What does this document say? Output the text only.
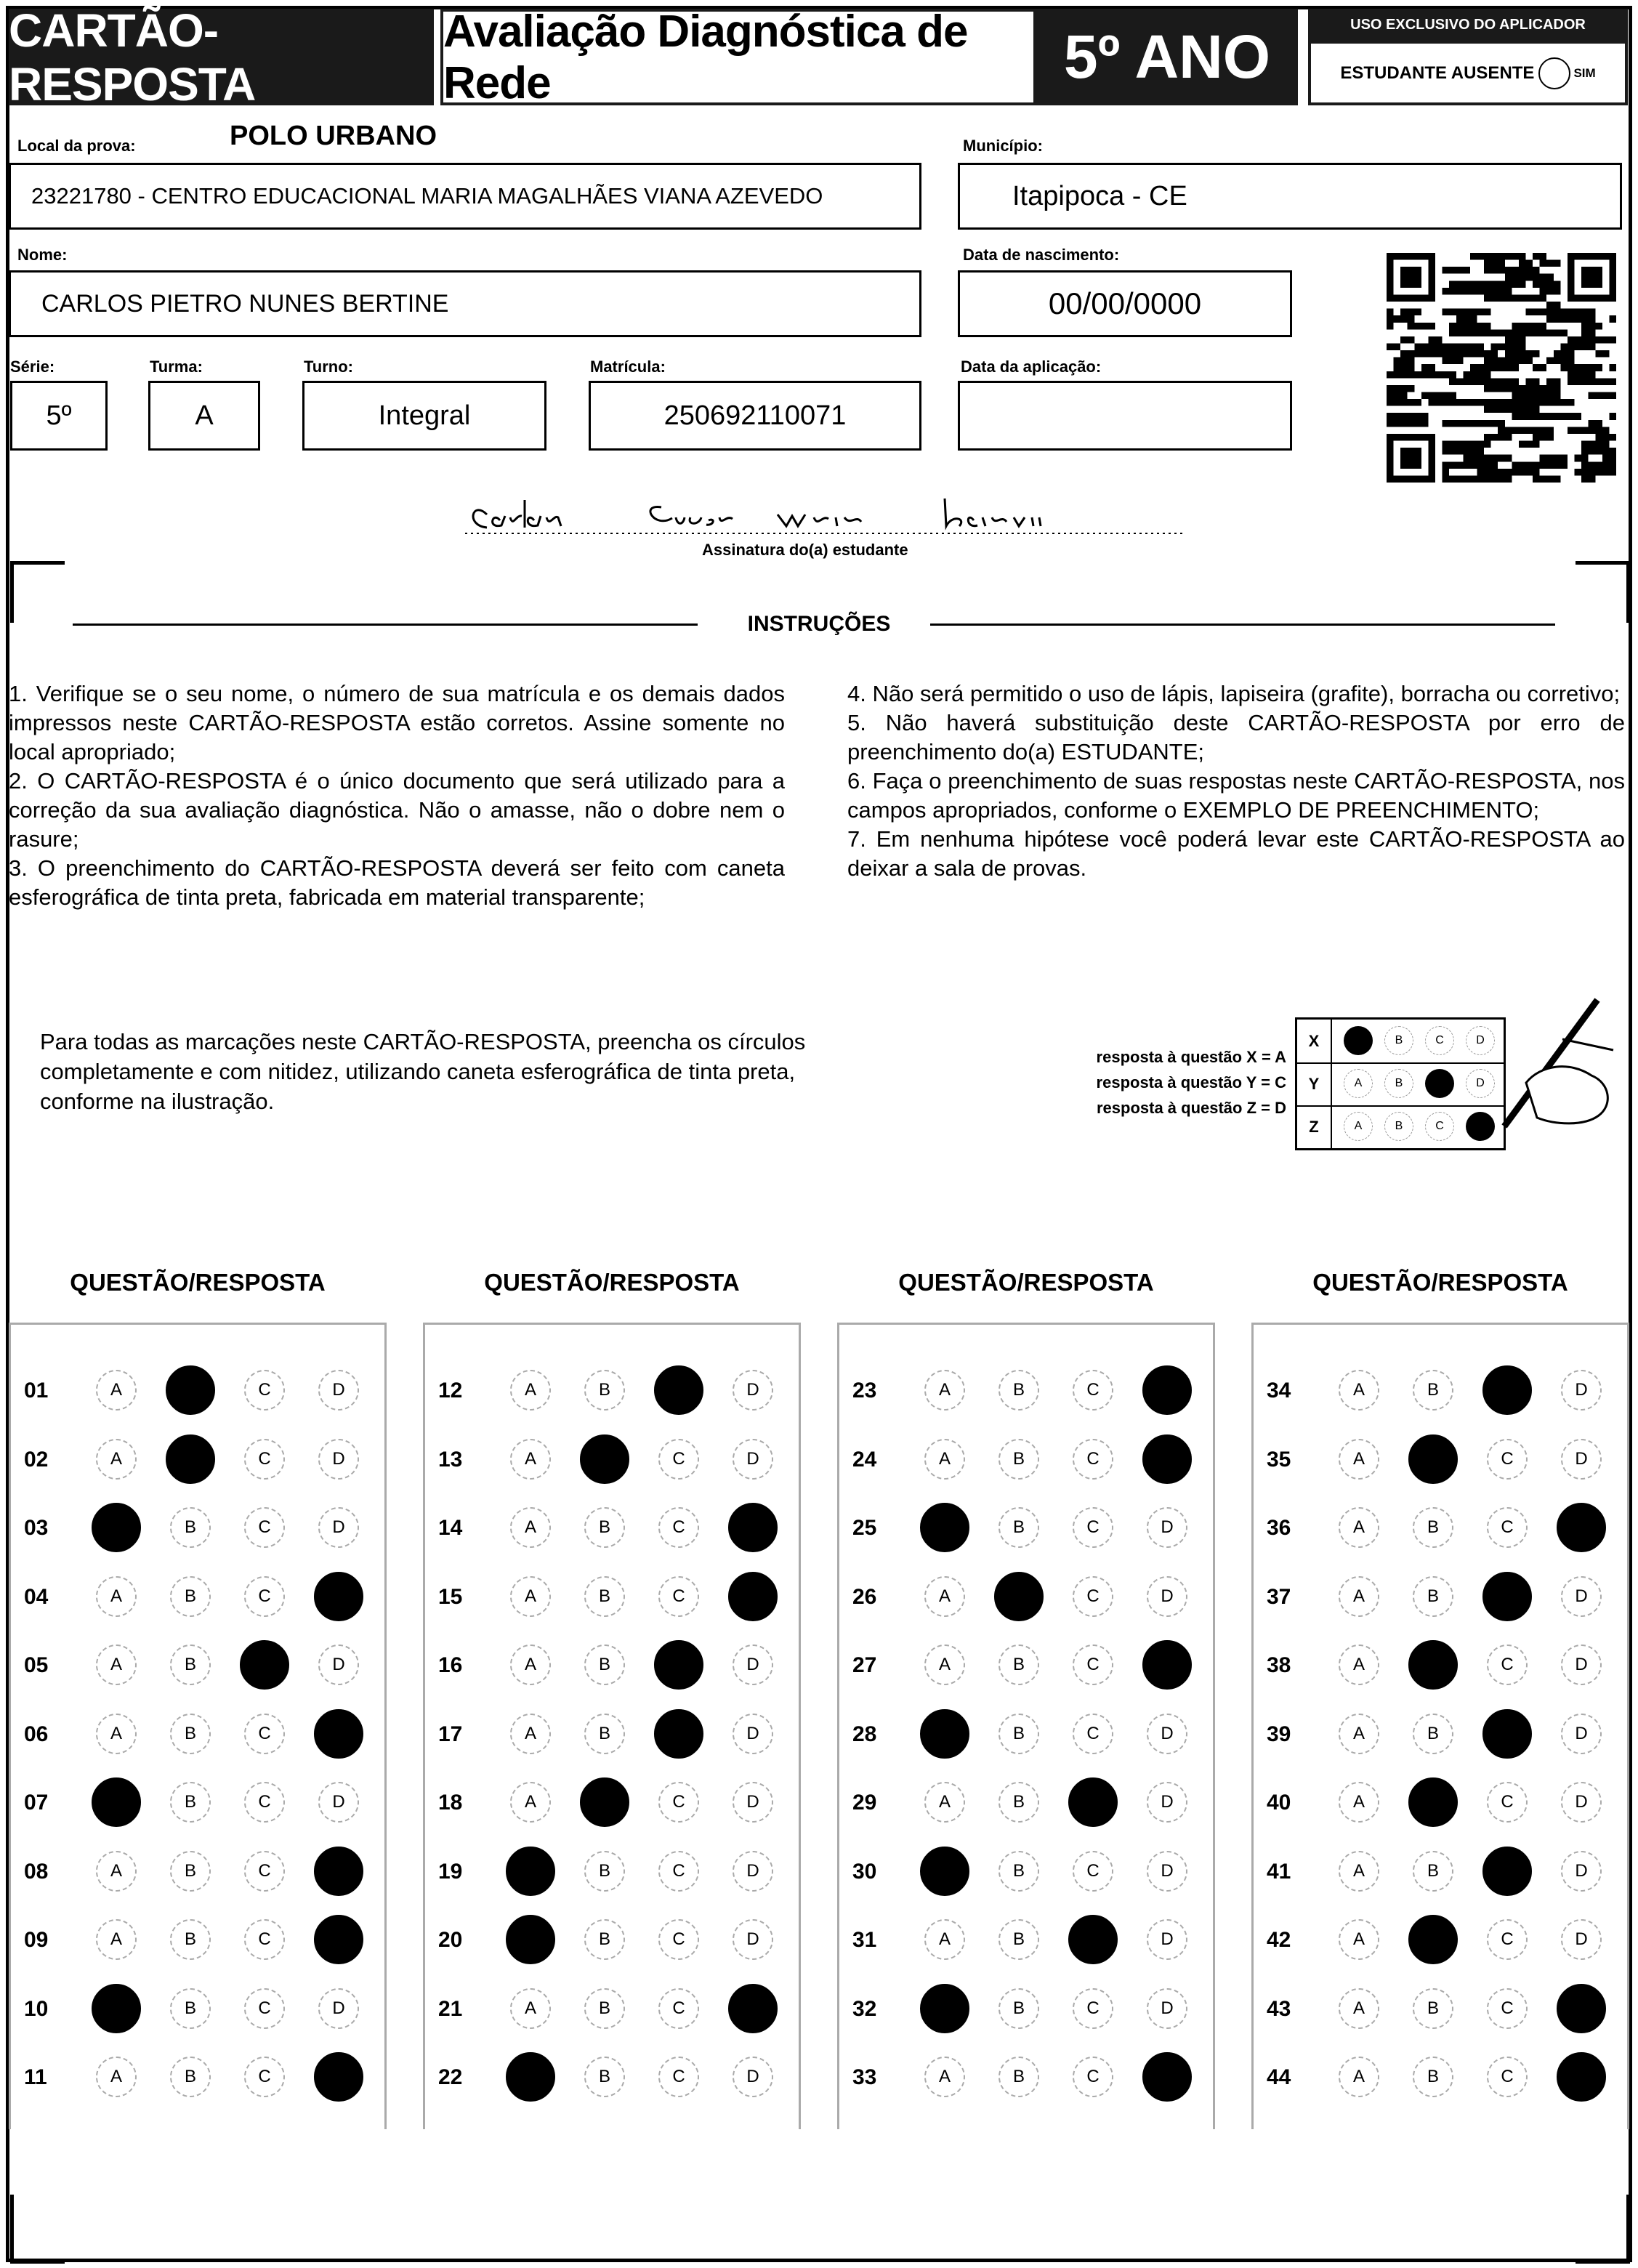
CARTÃO-RESPOSTA
Avaliação Diagnóstica de Rede	5º ANO	USO EXCLUSIVO DO APLICADOR
ESTUDANTE AUSENTE	SIM
Local da prova:	POLO URBANO
23221780 - CENTRO EDUCACIONAL MARIA MAGALHÃES VIANA AZEVEDO
Município:
Itapipoca - CE
Nome:
CARLOS PIETRO NUNES BERTINE
Data de nascimento:
00/00/0000
Série:
5º
Turma:
A
Turno:
Integral
Matrícula:
250692110071
Data da aplicação:
Assinatura do(a) estudante
INSTRUÇÕES

1. Verifique se o seu nome, o número de sua matrícula e os demais dados impressos neste CARTÃO-RESPOSTA estão corretos. Assine somente no local apropriado;

2. O CARTÃO-RESPOSTA é o único documento que será utilizado para a correção da sua avaliação diagnóstica. Não o amasse, não o dobre nem o rasure;

3. O preenchimento do CARTÃO-RESPOSTA deverá ser feito com caneta esferográfica de tinta preta, fabricada em material transparente;

4. Não será permitido o uso de lápis, lapiseira (grafite), borracha ou corretivo;

5. Não haverá substituição deste CARTÃO-RESPOSTA por erro de preenchimento do(a) ESTUDANTE;

6. Faça o preenchimento de suas respostas neste CARTÃO-RESPOSTA, nos campos apropriados, conforme o EXEMPLO DE PREENCHIMENTO;

7. Em nenhuma hipótese você poderá levar este CARTÃO-RESPOSTA ao deixar a sala de provas.

Para todas as marcações neste CARTÃO-RESPOSTA, preencha os círculos completamente e com nitidez, utilizando caneta esferográfica de tinta preta, conforme na ilustração.
resposta à questão X = A
resposta à questão Y = C
resposta à questão Z = D
X	B	C	D
Y	A	B	D
Z	A	B	C
QUESTÃO/RESPOSTA
01	A	C	D
02	A	C	D
03	B	C	D
04	A	B	C
05	A	B	D
06	A	B	C
07	B	C	D
08	A	B	C
09	A	B	C
10	B	C	D
11	A	B	C
QUESTÃO/RESPOSTA
12	A	B	D
13	A	C	D
14	A	B	C
15	A	B	C
16	A	B	D
17	A	B	D
18	A	C	D
19	B	C	D
20	B	C	D
21	A	B	C
22	B	C	D
QUESTÃO/RESPOSTA
23	A	B	C
24	A	B	C
25	B	C	D
26	A	C	D
27	A	B	C
28	B	C	D
29	A	B	D
30	B	C	D
31	A	B	D
32	B	C	D
33	A	B	C
QUESTÃO/RESPOSTA
34	A	B	D
35	A	C	D
36	A	B	C
37	A	B	D
38	A	C	D
39	A	B	D
40	A	C	D
41	A	B	D
42	A	C	D
43	A	B	C
44	A	B	C
